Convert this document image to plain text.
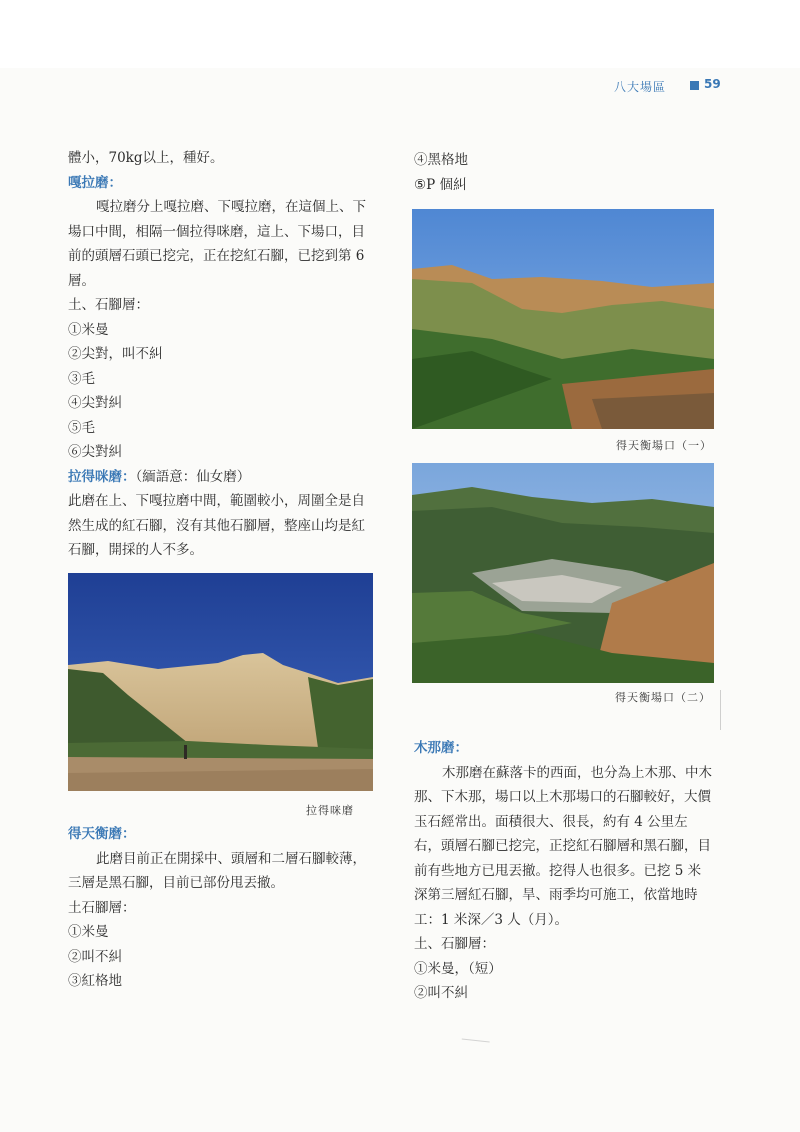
八大場區	59

體小，70kg以上，種好。

嘎拉磨：

嘎拉磨分上嘎拉磨、下嘎拉磨，在這個上、下場口中間，相隔一個拉得咪磨，這上、下場口，目前的頭層石頭已挖完，正在挖紅石腳，已挖到第 6 層。

土、石腳層：

①米曼

②尖對，叫不糾

③毛

④尖對糾

⑤毛

⑥尖對糾

拉得咪磨：（緬語意：仙女磨）

此磨在上、下嘎拉磨中間，範圍較小，周圍全是自然生成的紅石腳，沒有其他石腳層，整座山均是紅石腳，開採的人不多。

拉得咪磨

得天衡磨：

此磨目前正在開採中、頭層和二層石腳較薄，三層是黑石腳，目前已部份甩丟撤。

土石腳層：

①米曼

②叫不糾

③紅格地

④黑格地

⑤P 個糾

得天衡場口（一）
得天衡場口（二）

木那磨：

木那磨在蘇落卡的西面，也分為上木那、中木那、下木那，場口以上木那場口的石腳較好，大價玉石經常出。面積很大、很長，約有 4 公里左右，頭層石腳已挖完，正挖紅石腳層和黑石腳，目前有些地方已甩丟撤。挖得人也很多。已挖 5 米深第三層紅石腳，旱、雨季均可施工，依當地時工：1 米深／3 人（月）。

土、石腳層：

①米曼，（短）

②叫不糾
